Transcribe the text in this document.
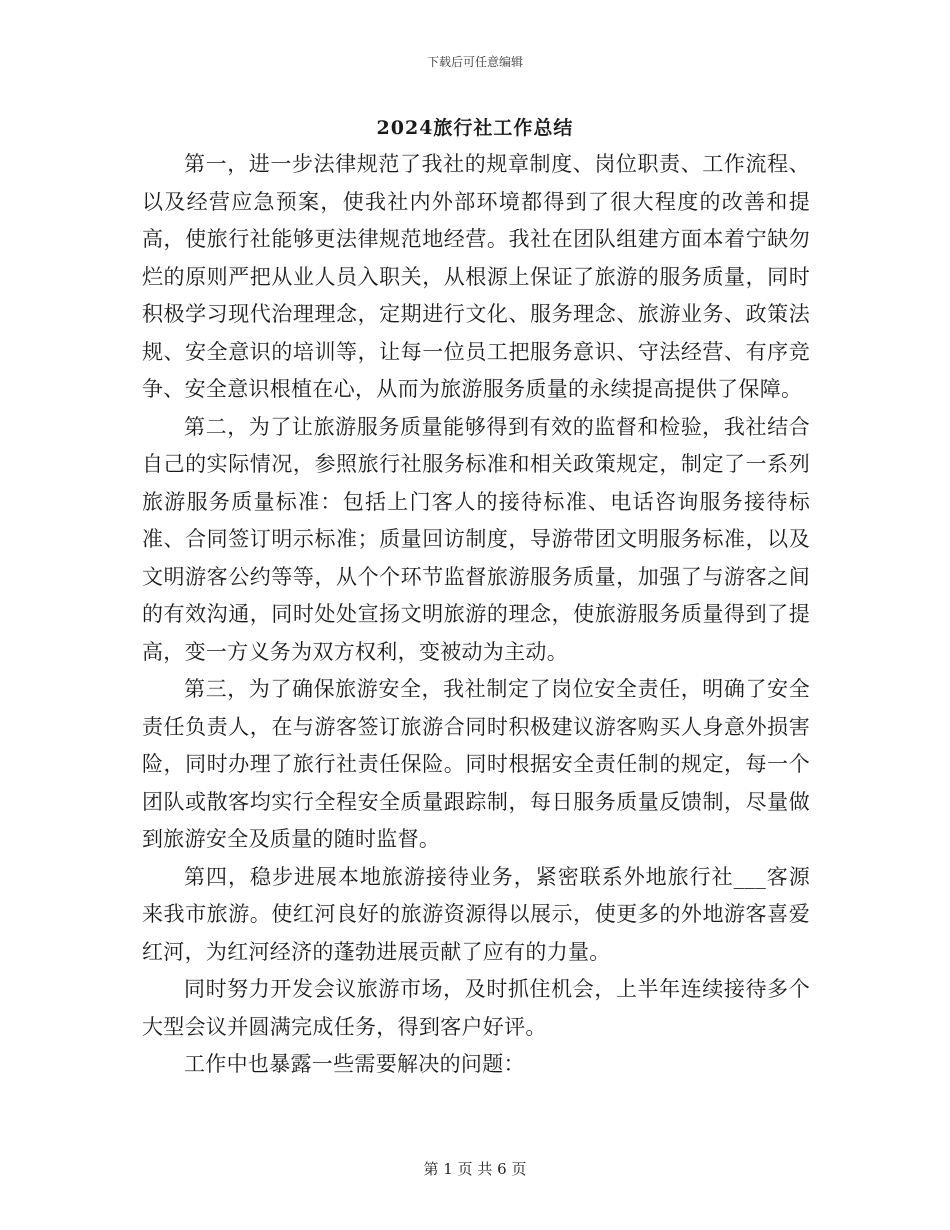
下载后可任意编辑
2024旅行社工作总结

第一，进一步法律规范了我社的规章制度、岗位职责、工作流程、以及经营应急预案，使我社内外部环境都得到了很大程度的改善和提高，使旅行社能够更法律规范地经营。我社在团队组建方面本着宁缺勿烂的原则严把从业人员入职关，从根源上保证了旅游的服务质量，同时积极学习现代治理理念，定期进行文化、服务理念、旅游业务、政策法规、安全意识的培训等，让每一位员工把服务意识、守法经营、有序竞争、安全意识根植在心，从而为旅游服务质量的永续提高提供了保障。

第二，为了让旅游服务质量能够得到有效的监督和检验，我社结合自己的实际情况，参照旅行社服务标准和相关政策规定，制定了一系列旅游服务质量标准：包括上门客人的接待标准、电话咨询服务接待标准、合同签订明示标准；质量回访制度，导游带团文明服务标准，以及文明游客公约等等，从个个环节监督旅游服务质量，加强了与游客之间的有效沟通，同时处处宣扬文明旅游的理念，使旅游服务质量得到了提高，变一方义务为双方权利，变被动为主动。

第三，为了确保旅游安全，我社制定了岗位安全责任，明确了安全责任负责人，在与游客签订旅游合同时积极建议游客购买人身意外损害险，同时办理了旅行社责任保险。同时根据安全责任制的规定，每一个团队或散客均实行全程安全质量跟踪制，每日服务质量反馈制，尽量做到旅游安全及质量的随时监督。

第四，稳步进展本地旅游接待业务，紧密联系外地旅行社___客源来我市旅游。使红河良好的旅游资源得以展示，使更多的外地游客喜爱红河，为红河经济的蓬勃进展贡献了应有的力量。

同时努力开发会议旅游市场，及时抓住机会，上半年连续接待多个大型会议并圆满完成任务，得到客户好评。

工作中也暴露一些需要解决的问题：

第 1 页 共 6 页
